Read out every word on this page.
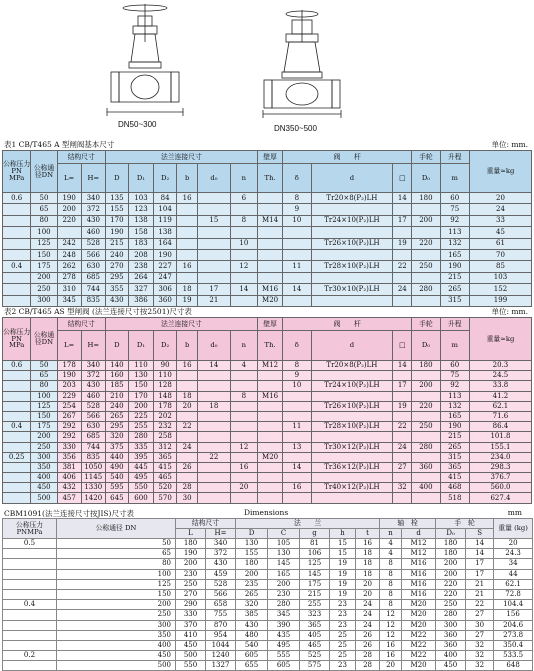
DN50~300	DN350~500
表1 CB/T465 A 型闸阀基本尺寸	单位: mm.
公称压力PN MPa	公称通径DN	结构尺寸		法兰连接尺寸						壁厚	阀　　杆			手轮	升程	重量≈kg
		L=	H=	D	D₁	D₂	b	d₀	n	Th.	δ	d	□	D₀	m	
0.6	50	190	340	135	103	84	16		6		8	Tr20×8(P₂)LH	14	180	60	20
	65	200	372	155	123	104					9				75	24
	80	220	430	170	138	119		15	8	M14	10	Tr24×10(P₂)LH	17	200	92	33
	100		460	190	158	138									113	45
	125	242	528	215	183	164			10			Tr26×10(P₂)LH	19	220	132	61
	150	248	566	240	208	190									165	70
0.4	175	262	630	270	238	227	16		12		11	Tr28×10(P₂)LH	22	250	190	85
	200	278	685	295	264	247									215	103
	250	310	744	355	327	306	18	17	14	M16	14	Tr30×10(P₂)LH	24	280	265	152
	300	345	835	430	386	360	19	21		M20					315	199
表2 CB/T465 AS 型闸阀 (法兰连接尺寸按2501)尺寸表	单位: mm.
公称压力PN MPa	公称通径DN	结构尺寸		法兰连接尺寸						壁厚	阀　　杆			手轮	升程	重量≈kg
		L=	H=	D	D₁	D₂	b	d₀	n	Th.	δ	d	□	D₀	m	
0.6	50	178	340	140	110	90	16	14	4	M12	8	Tr20×8(P₂)LH	14	180	60	20.3
	65	190	372	160	130	110					9				75	24.5
	80	203	430	185	150	128					10	Tr24×10(P₂)LH	17	200	92	33.8
	100	229	460	210	170	148	18		8	M16					113	41.2
	125	254	528	240	200	178	20	18				Tr26×10(P₂)LH	19	220	132	62.1
	150	267	566	265	225	202									165	71.6
0.4	175	292	630	295	255	232	22				11	Tr28×10(P₂)LH	22	250	190	86.4
	200	292	685	320	280	258									215	101.8
	250	330	744	375	335	312	24		12		13	Tr30×12(P₂)LH	24	280	265	155.1
0.25	300	356	835	440	395	365		22		M20					315	234.0
	350	381	1050	490	445	415	26		16		14	Tr36×12(P₂)LH	27	360	365	298.3
	400	406	1145	540	495	465									415	376.7
	450	432	1330	595	550	520	28		20		16	Tr40×12(P₂)LH	32	400	468	560.0
	500	457	1420	645	600	570	30								518	627.4
CBM1091(法兰连接尺寸按JIS)尺寸表	Dimensions	mm
公称压力 PNMPa	公称通径 DN	结构尺寸		法　　兰					轴　栓		手　轮		重量 (kg)
		L	H=	D	C	g	h	t	n	d	D₀	S	
0.5	50	180	340	130	105	81	15	16	4	M12	180	14	20
	65	190	372	155	130	106	15	18	4	M12	180	14	24.3
	80	200	430	180	145	125	19	18	8	M16	200	17	34
	100	230	459	200	165	145	19	18	8	M16	200	17	44
	125	250	528	235	200	175	19	20	8	M16	220	21	62.1
	150	270	566	265	230	215	19	20	8	M16	220	21	72.8
0.4	200	290	658	320	280	255	23	24	8	M20	250	22	104.4
	250	330	755	385	345	323	23	24	12	M20	280	27	156
	300	370	870	430	390	365	23	24	12	M20	300	30	204.6
	350	410	954	480	435	405	25	26	12	M22	360	27	273.8
	400	450	1044	540	495	465	25	26	16	M22	360	32	350.4
0.2	450	500	1240	605	555	525	25	28	16	M22	400	32	533.5
	500	550	1327	655	605	575	23	28	20	M20	450	32	648
